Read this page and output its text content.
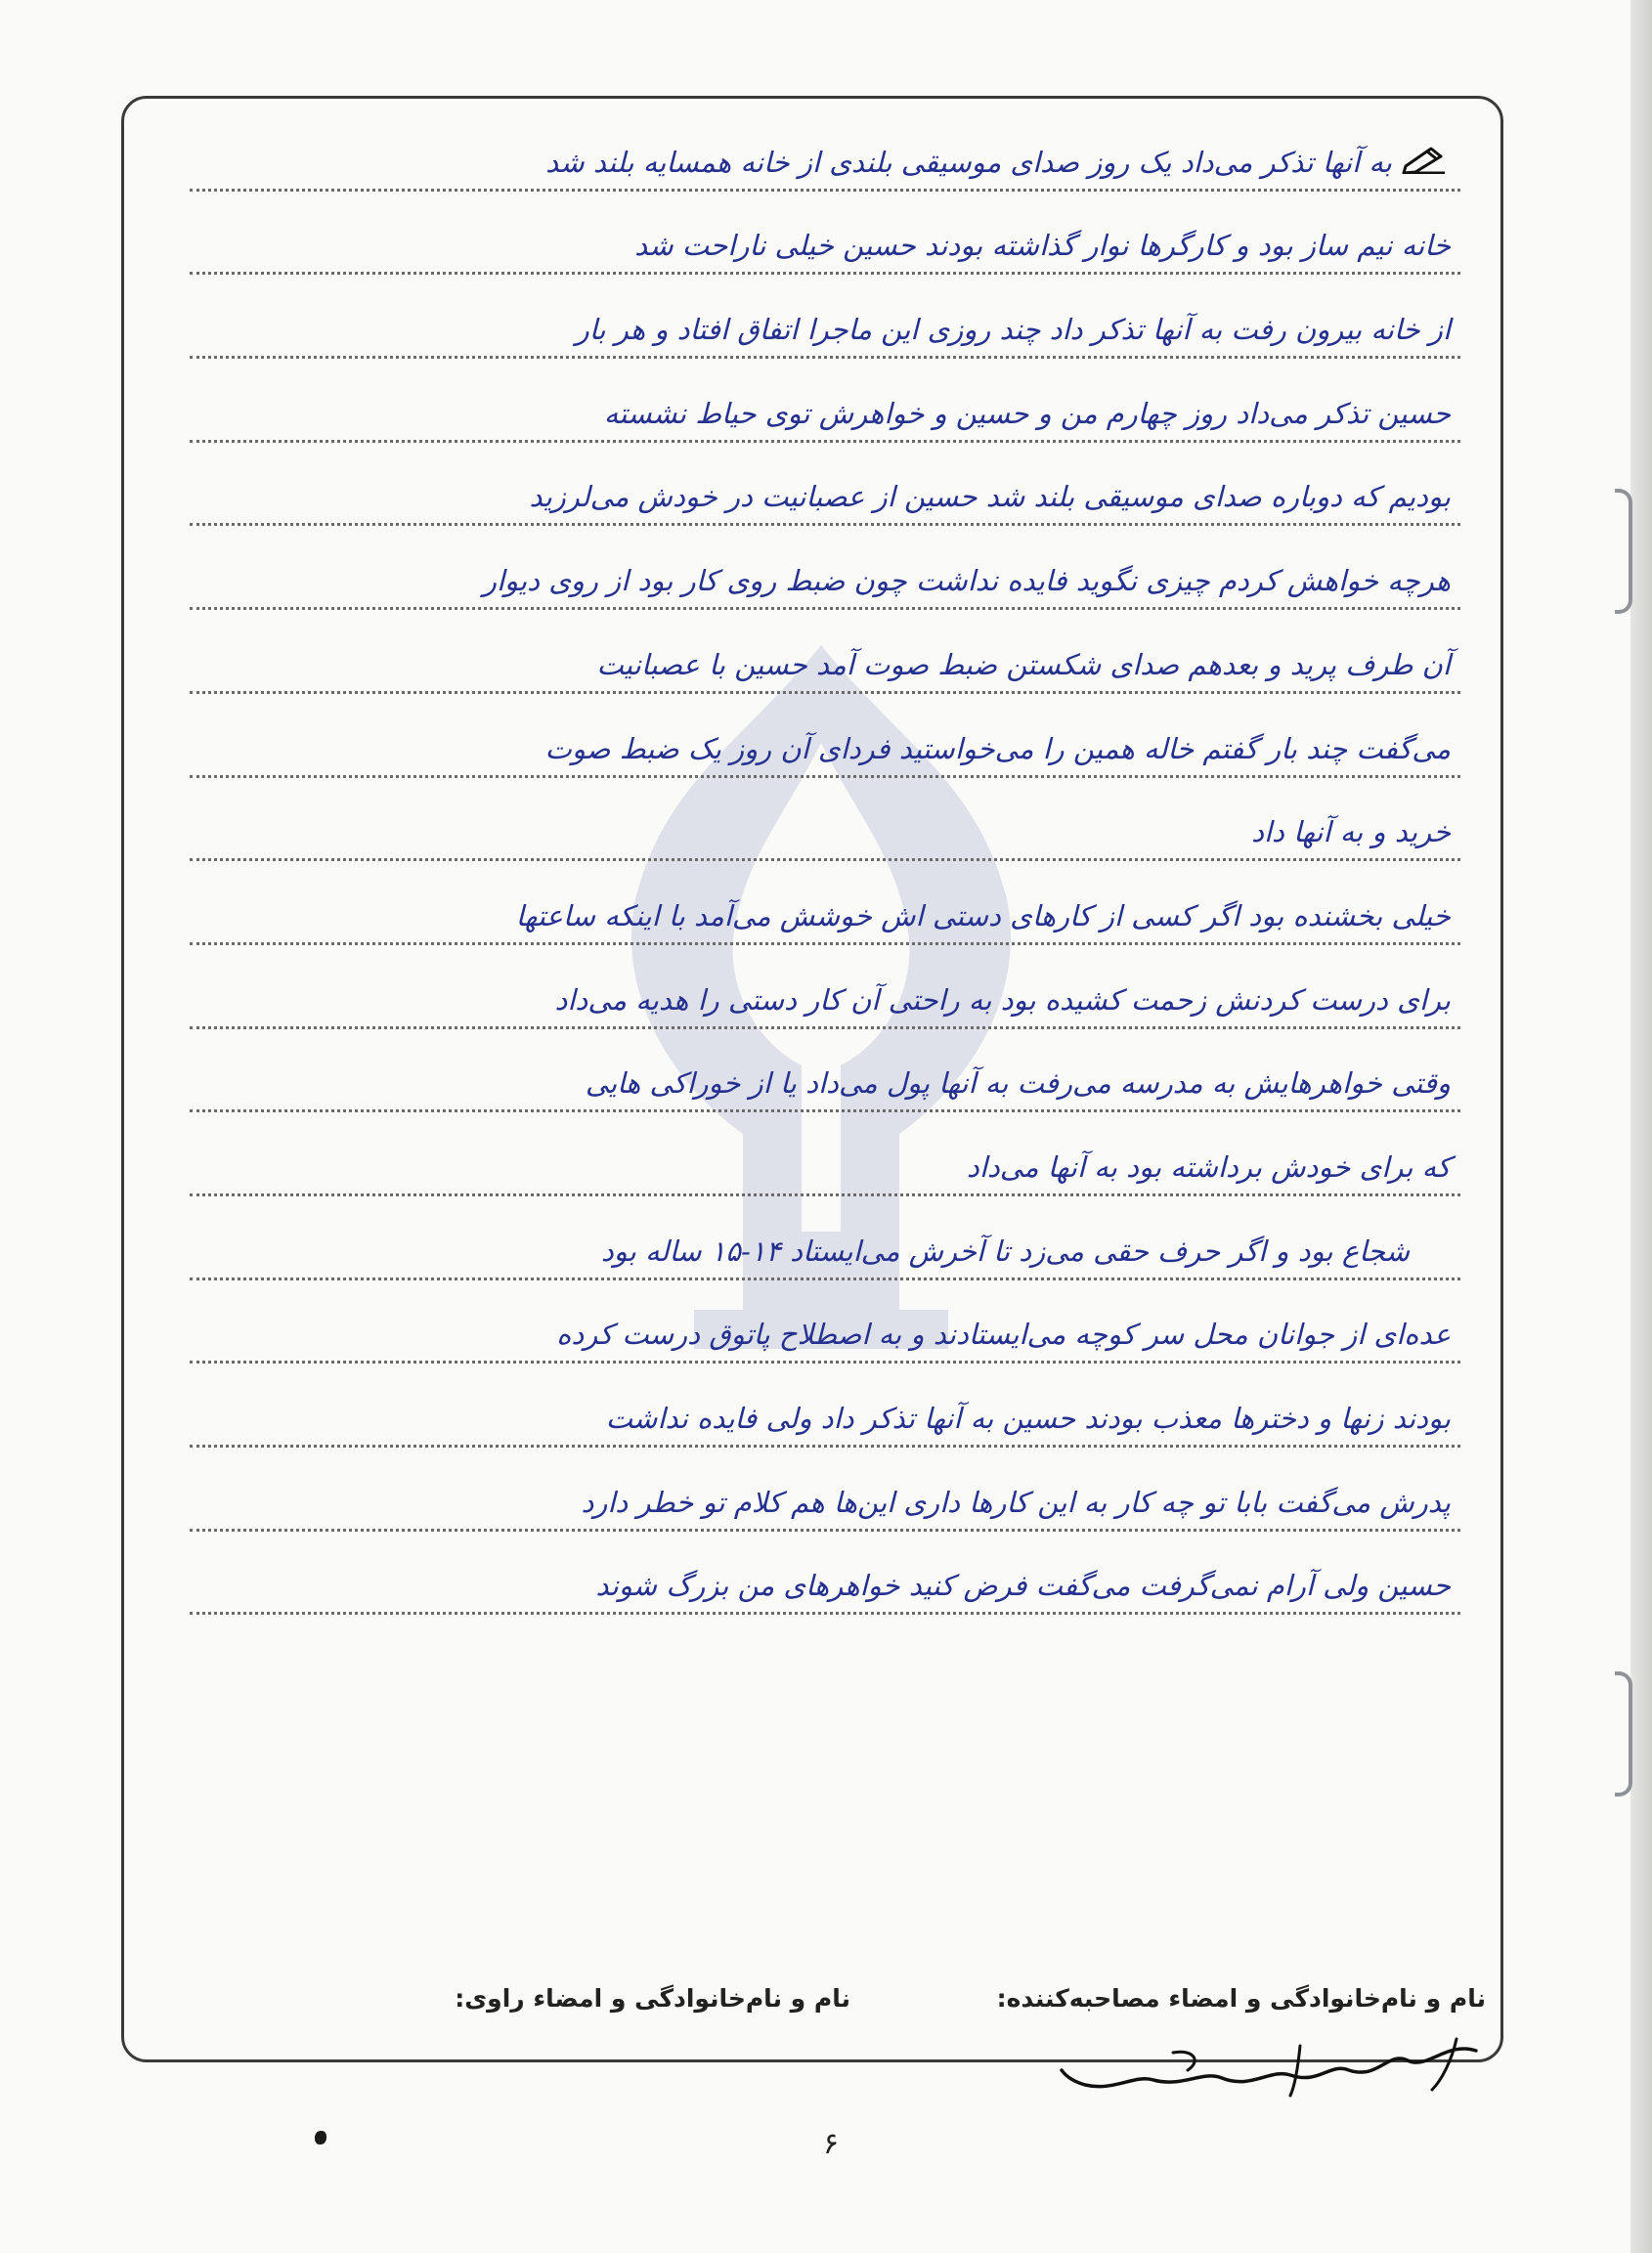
به آنها تذکر می‌داد یک روز صدای موسیقی بلندی از خانه همسایه بلند شد
خانه نیم ساز بود و کارگرها نوار گذاشته بودند حسین خیلی ناراحت شد
از خانه بیرون رفت به آنها تذکر داد چند روزی این ماجرا اتفاق افتاد و هر بار
حسین تذکر می‌داد روز چهارم من و حسین و خواهرش توی حیاط نشسته
بودیم که دوباره صدای موسیقی بلند شد حسین از عصبانیت در خودش می‌لرزید
هرچه خواهش کردم چیزی نگوید فایده نداشت چون ضبط روی کار بود از روی دیوار
آن طرف پرید و بعدهم صدای شکستن ضبط صوت آمد حسین با عصبانیت
می‌گفت چند بار گفتم خاله همین را می‌خواستید فردای آن روز یک ضبط صوت
خرید و به آنها داد
خیلی بخشنده بود اگر کسی از کارهای دستی اش خوشش می‌آمد با اینکه ساعتها
برای درست کردنش زحمت کشیده بود به راحتی آن کار دستی را هدیه می‌داد
وقتی خواهرهایش به مدرسه می‌رفت به آنها پول می‌داد یا از خوراکی هایی
که برای خودش برداشته بود به آنها می‌داد
شجاع بود و اگر حرف حقی می‌زد تا آخرش می‌ایستاد ۱۴-۱۵ ساله بود
عده‌ای از جوانان محل سر کوچه می‌ایستادند و به اصطلاح پاتوق درست کرده
بودند زنها و دخترها معذب بودند حسین به آنها تذکر داد ولی فایده نداشت
پدرش می‌گفت بابا تو چه کار به این کارها داری این‌ها هم کلام تو خطر دارد
حسین ولی آرام نمی‌گرفت می‌گفت فرض کنید خواهرهای من بزرگ شوند
نام و نام‌خانوادگی و امضاء مصاحبه‌کننده:
نام و نام‌خانوادگی و امضاء راوی:
۶
